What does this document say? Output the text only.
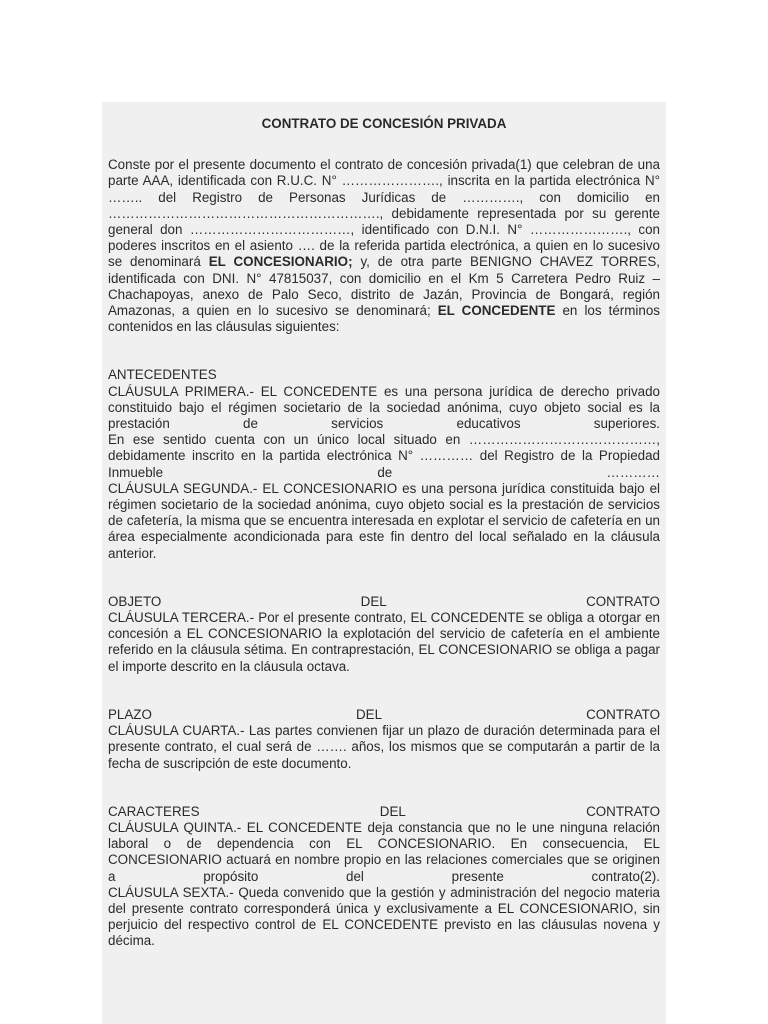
CONTRATO DE CONCESIÓN PRIVADA

Conste por el presente documento el contrato de concesión privada(1) que celebran de una parte AAA, identificada con R.U.C. N° …………………., inscrita en la partida electrónica N° …….. del Registro de Personas Jurídicas de …………., con domicilio en ……………………………………………………., debidamente representada por su gerente general don ………………………………, identificado con D.N.I. N° …………………., con poderes inscritos en el asiento …. de la referida partida electrónica, a quien en lo sucesivo se denominará EL CONCESIONARIO; y, de otra parte BENIGNO CHAVEZ TORRES, identificada con DNI. N° 47815037, con domicilio en el Km 5 Carretera Pedro Ruiz – Chachapoyas, anexo de Palo Seco, distrito de Jazán, Provincia de Bongará, región Amazonas, a quien en lo sucesivo se denominará; EL CONCEDENTE en los términos contenidos en las cláusulas siguientes:

ANTECEDENTES

CLÁUSULA PRIMERA.- EL CONCEDENTE es una persona jurídica de derecho privado constituido bajo el régimen societario de la sociedad anónima, cuyo objeto social es la prestación de servicios educativos superiores.

En ese sentido cuenta con un único local situado en ……………………………………, debidamente inscrito en la partida electrónica N° ………… del Registro de la Propiedad Inmueble de …………

CLÁUSULA SEGUNDA.- EL CONCESIONARIO es una persona jurídica constituida bajo el régimen societario de la sociedad anónima, cuyo objeto social es la prestación de servicios de cafetería, la misma que se encuentra interesada en explotar el servicio de cafetería en un área especialmente acondicionada para este fin dentro del local señalado en la cláusula anterior.

OBJETO	DEL	CONTRATO

CLÁUSULA TERCERA.- Por el presente contrato, EL CONCEDENTE se obliga a otorgar en concesión a EL CONCESIONARIO la explotación del servicio de cafetería en el ambiente referido en la cláusula sétima. En contraprestación, EL CONCESIONARIO se obliga a pagar el importe descrito en la cláusula octava.

PLAZO	DEL	CONTRATO

CLÁUSULA CUARTA.- Las partes convienen fijar un plazo de duración determinada para el presente contrato, el cual será de ……. años, los mismos que se computarán a partir de la fecha de suscripción de este documento.

CARACTERES	DEL	CONTRATO

CLÁUSULA QUINTA.- EL CONCEDENTE deja constancia que no le une ninguna relación laboral o de dependencia con EL CONCESIONARIO. En consecuencia, EL CONCESIONARIO actuará en nombre propio en las relaciones comerciales que se originen a propósito del presente contrato(2).

CLÁUSULA SEXTA.- Queda convenido que la gestión y administración del negocio materia del presente contrato corresponderá única y exclusivamente a EL CONCESIONARIO, sin perjuicio del respectivo control de EL CONCEDENTE previsto en las cláusulas novena y décima.
